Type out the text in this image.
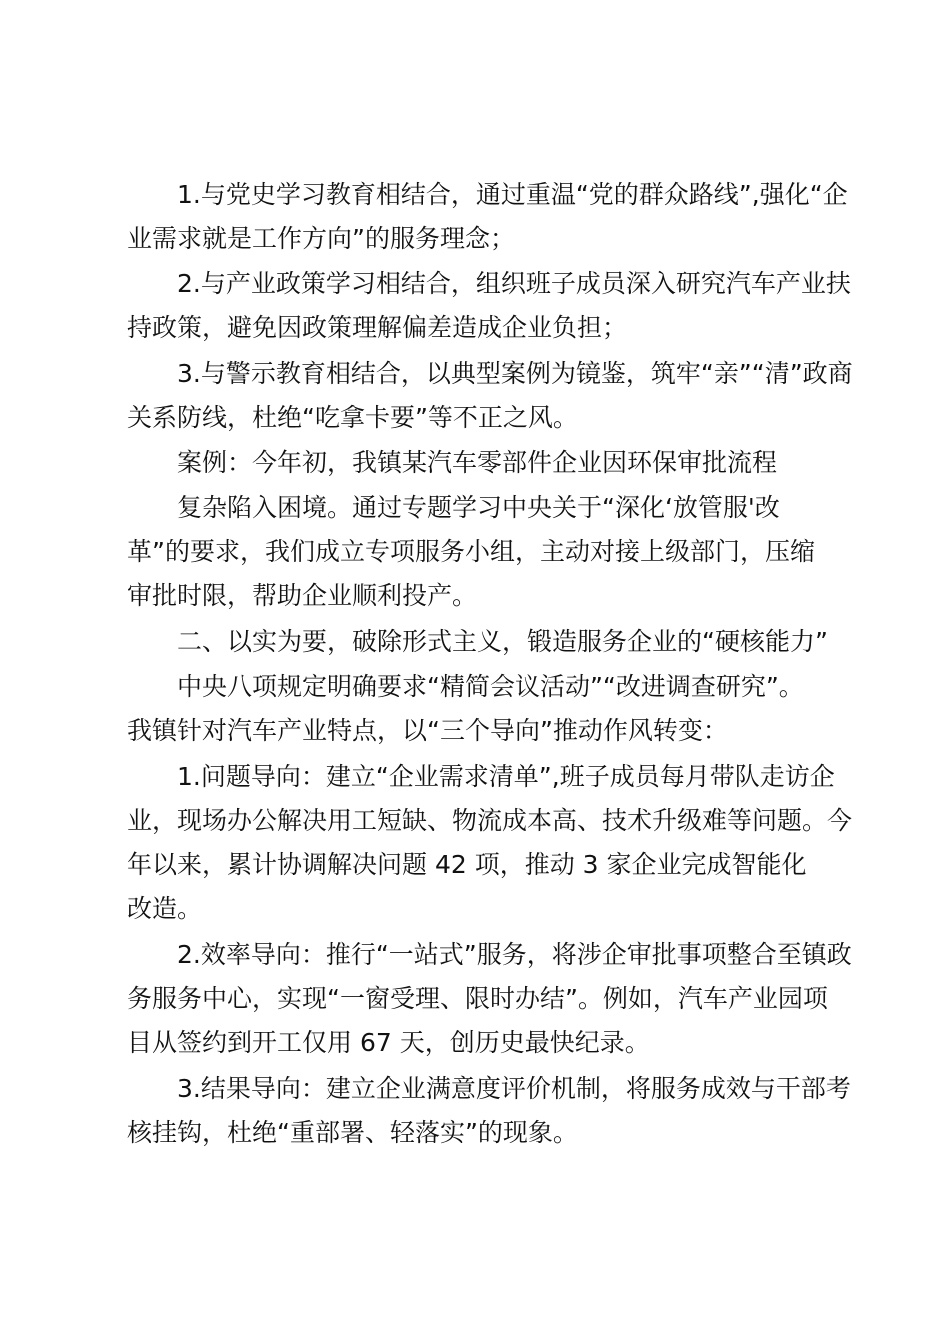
1.与党史学习教育相结合，通过重温“党的群众路线”,强化“企
业需求就是工作方向”的服务理念；

2.与产业政策学习相结合，组织班子成员深入研究汽车产业扶
持政策，避免因政策理解偏差造成企业负担；

3.与警示教育相结合，以典型案例为镜鉴，筑牢“亲”“清”政商
关系防线，杜绝“吃拿卡要”等不正之风。

案例：今年初，我镇某汽车零部件企业因环保审批流程

复杂陷入困境。通过专题学习中央关于“深化‘放管服'改
革”的要求，我们成立专项服务小组，主动对接上级部门，压缩
审批时限，帮助企业顺利投产。

二、以实为要，破除形式主义，锻造服务企业的“硬核能力”

中央八项规定明确要求“精简会议活动”“改进调查研究”。
我镇针对汽车产业特点，以“三个导向”推动作风转变：

1.问题导向：建立“企业需求清单”,班子成员每月带队走访企
业，现场办公解决用工短缺、物流成本高、技术升级难等问题。今
年以来，累计协调解决问题 42 项，推动 3 家企业完成智能化
改造。

2.效率导向：推行“一站式”服务，将涉企审批事项整合至镇政
务服务中心，实现“一窗受理、限时办结”。例如，汽车产业园项
目从签约到开工仅用 67 天，创历史最快纪录。

3.结果导向：建立企业满意度评价机制，将服务成效与干部考
核挂钩，杜绝“重部署、轻落实”的现象。
